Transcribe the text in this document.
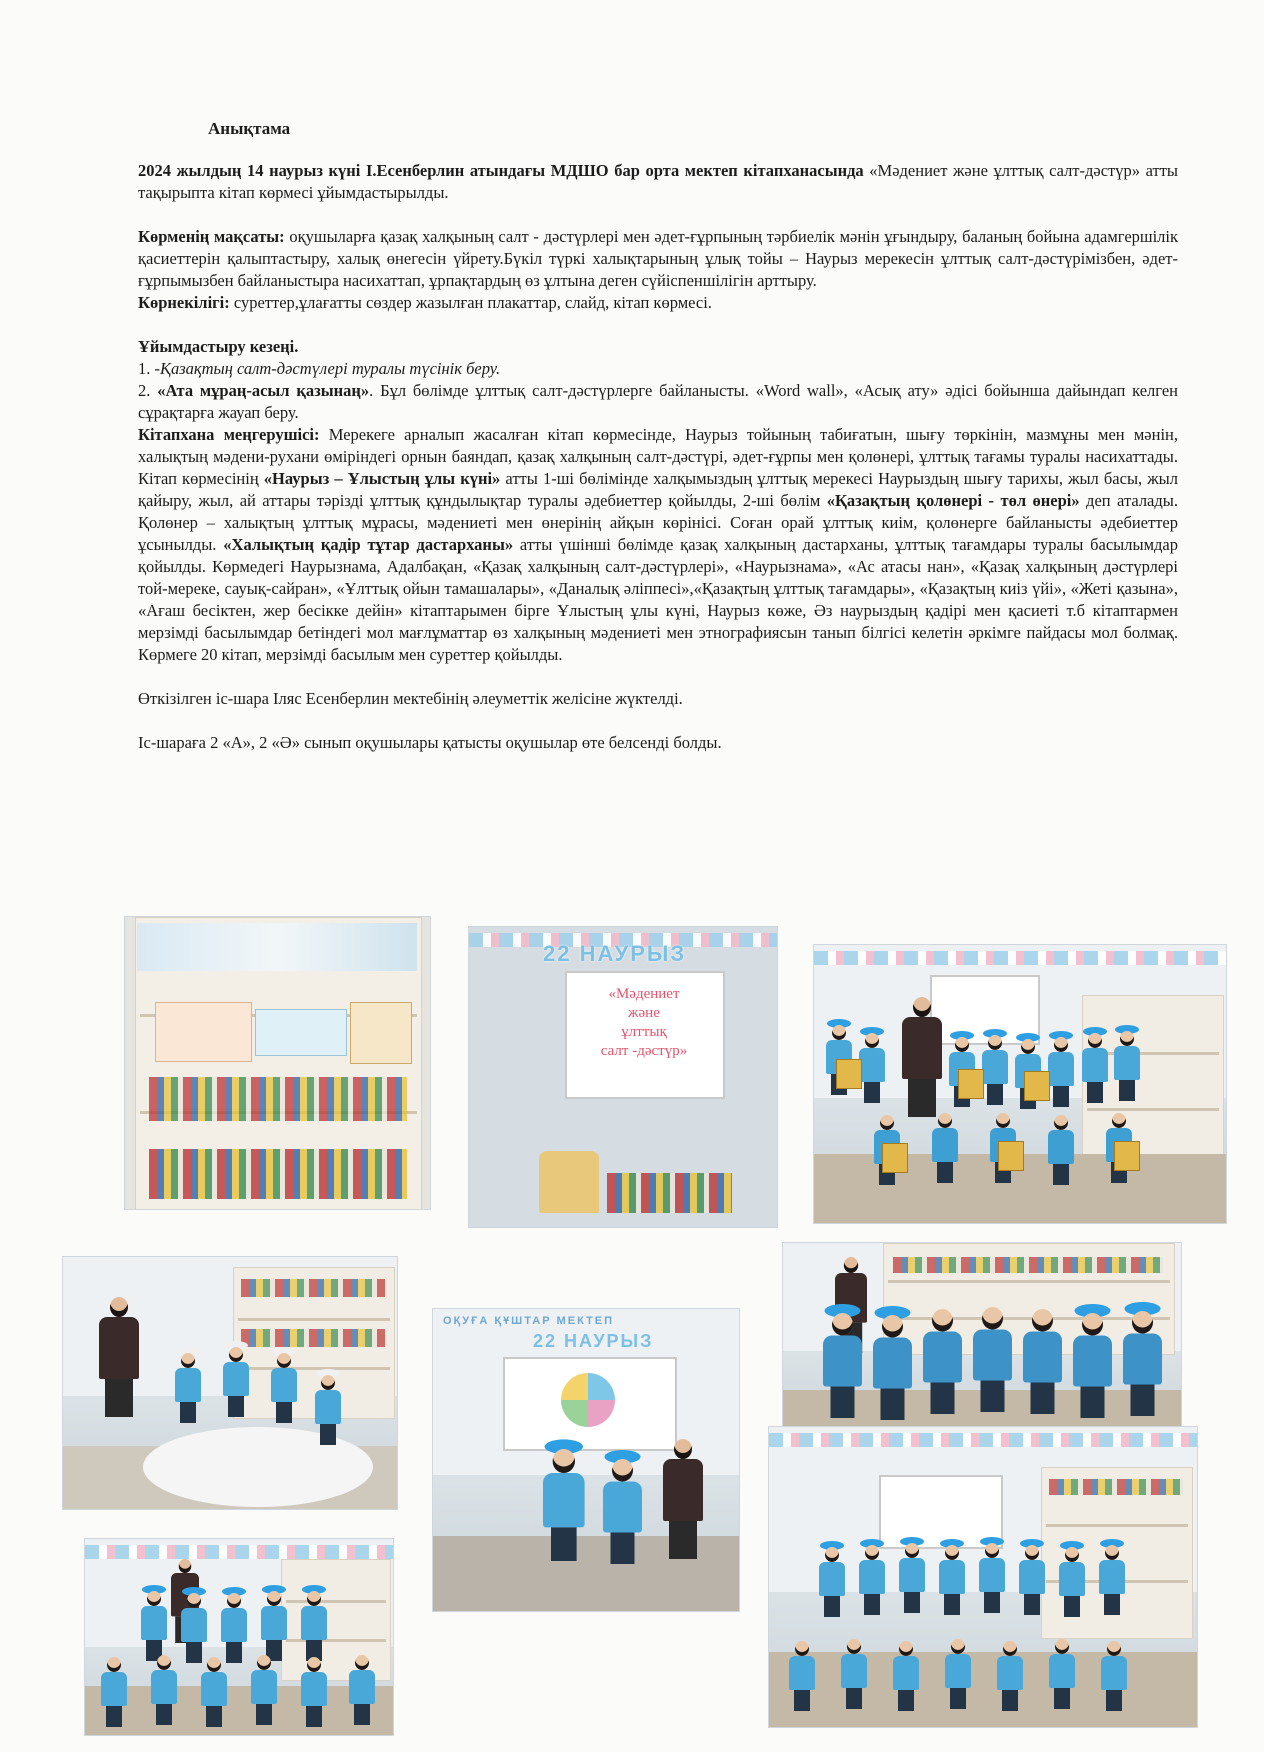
Анықтама

2024 жылдың 14 наурыз күні І.Есенберлин атындағы МДШО бар орта мектеп кітапханасында «Мәдениет және ұлттық салт-дәстүр» атты тақырыпта кітап көрмесі ұйымдастырылды.

Көрменің мақсаты: оқушыларға қазақ халқының салт - дәстүрлері мен әдет-ғұрпының тәрбиелік мәнін ұғындыру, баланың бойына адамгершілік қасиеттерін қалыптастыру, халық өнегесін үйрету.Бүкіл түркі халықтарының ұлық тойы – Наурыз мерекесін ұлттық салт-дәстүрімізбен, әдет-ғұрпымызбен байланыстыра насихаттап, ұрпақтардың өз ұлтына деген сүйіспеншілігін арттыру.

Көрнекілігі: суреттер,ұлағатты сөздер жазылған плакаттар, слайд, кітап көрмесі.

Ұйымдастыру кезеңі.

1. -Қазақтың салт-дәстүлері туралы түсінік беру.

2. «Ата мұраң-асыл қазынаң». Бұл бөлімде ұлттық салт-дәстүрлерге байланысты. «Word wall», «Асық ату» әдісі бойынша дайындап келген сұрақтарға жауап беру.

Кітапхана меңгерушісі: Мерекеге арналып жасалған кітап көрмесінде, Наурыз тойының табиғатын, шығу төркінін, мазмұны мен мәнін, халықтың мәдени-рухани өміріндегі орнын баяндап, қазақ халқының салт-дәстүрі, әдет-ғұрпы мен қолөнері, ұлттық тағамы туралы насихаттады. Кітап көрмесінің «Наурыз – Ұлыстың ұлы күні» атты 1-ші бөлімінде халқымыздың ұлттық мерекесі Наурыздың шығу тарихы, жыл басы, жыл қайыру, жыл, ай аттары тәрізді ұлттық құндылықтар туралы әдебиеттер қойылды, 2-ші бөлім «Қазақтың қолөнері - төл өнері» деп аталады. Қолөнер – халықтың ұлттық мұрасы, мәдениеті мен өнерінің айқын көрінісі. Соған орай ұлттық киім, қолөнерге байланысты әдебиеттер ұсынылды. «Халықтың қадір тұтар дастарханы» атты үшінші бөлімде қазақ халқының дастарханы, ұлттық тағамдары туралы басылымдар қойылды. Көрмедегі Наурызнама, Адалбақан, «Қазақ халқының салт-дәстүрлері», «Наурызнама», «Ас атасы нан», «Қазақ халқының дәстүрлері той-мереке, сауық-сайран», «Ұлттық ойын тамашалары», «Даналық әліппесі»,«Қазақтың ұлттық тағамдары», «Қазақтың киіз үйі», «Жеті қазына», «Ағаш бесіктен, жер бесікке дейін» кітаптарымен бірге Ұлыстың ұлы күні, Наурыз көже, Әз наурыздың қадірі мен қасиеті т.б кітаптармен мерзімді басылымдар бетіндегі мол мағлұматтар өз халқының мәдениеті мен этнографиясын танып білгісі келетін әркімге пайдасы мол болмақ. Көрмеге 20 кітап, мерзімді басылым мен суреттер қойылды.

Өткізілген іс-шара Іляс Есенберлин мектебінің әлеуметтік желісіне жүктелді.

Іс-шараға 2 «А», 2 «Ә» сынып оқушылары қатысты оқушылар өте белсенді болды.

22 НАУРЫЗ
«Мәдениет
және
ұлттық
салт -дәстүр»
ОҚУҒА ҚҰШТАР МЕКТЕП
22 НАУРЫЗ
